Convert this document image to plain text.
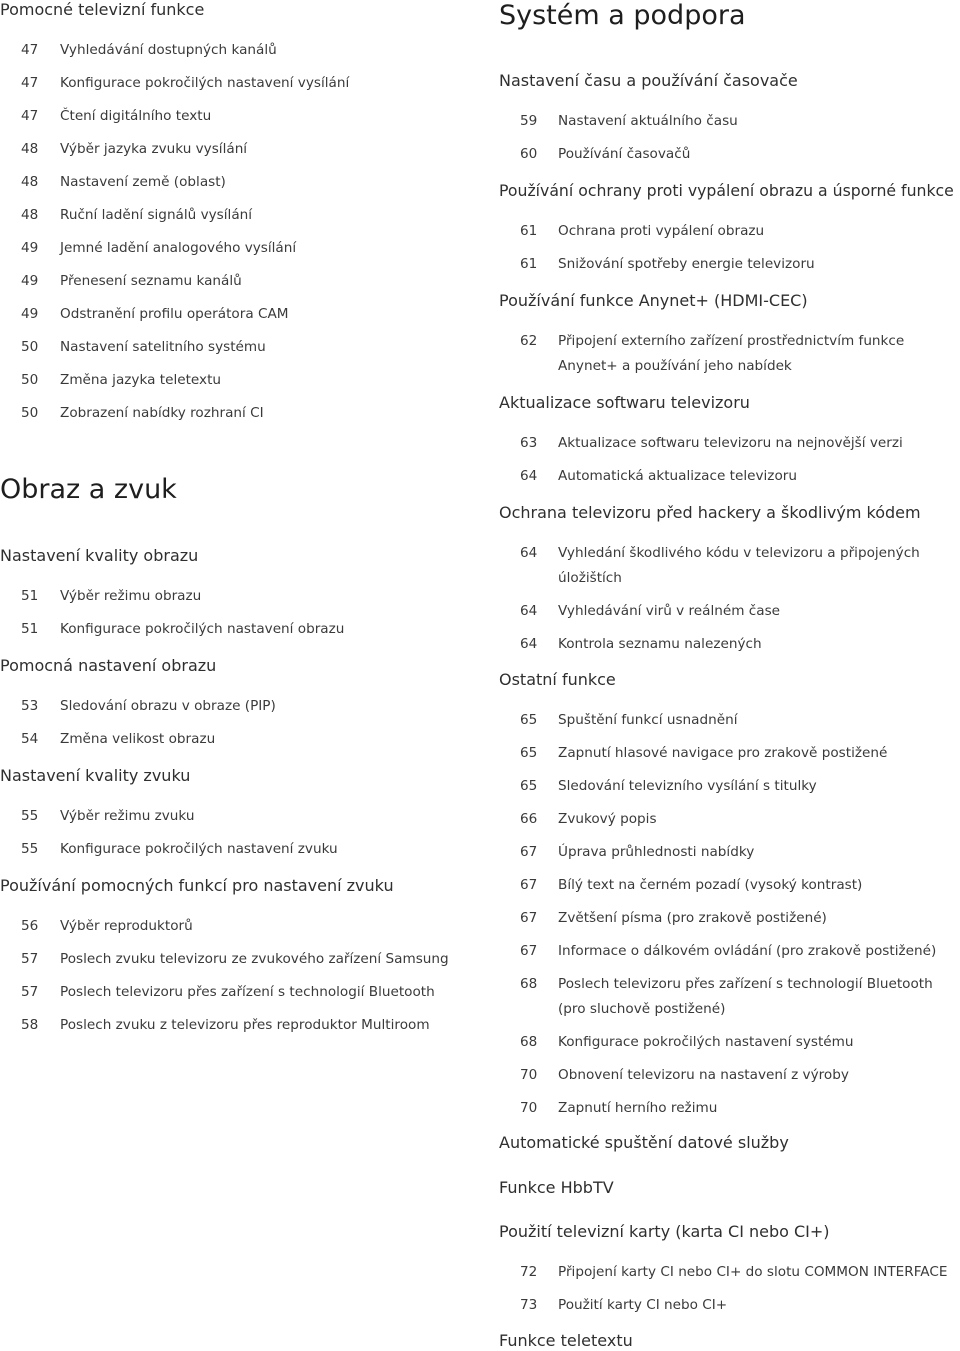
Pomocné televizní funkce
47	Vyhledávání dostupných kanálů
47	Konfigurace pokročilých nastavení vysílání
47	Čtení digitálního textu
48	Výběr jazyka zvuku vysílání
48	Nastavení země (oblast)
48	Ruční ladění signálů vysílání
49	Jemné ladění analogového vysílání
49	Přenesení seznamu kanálů
49	Odstranění profilu operátora CAM
50	Nastavení satelitního systému
50	Změna jazyka teletextu
50	Zobrazení nabídky rozhraní CI
Obraz a zvuk
Nastavení kvality obrazu
51	Výběr režimu obrazu
51	Konfigurace pokročilých nastavení obrazu
Pomocná nastavení obrazu
53	Sledování obrazu v obraze (PIP)
54	Změna velikost obrazu
Nastavení kvality zvuku
55	Výběr režimu zvuku
55	Konfigurace pokročilých nastavení zvuku
Používání pomocných funkcí pro nastavení zvuku
56	Výběr reproduktorů
57	Poslech zvuku televizoru ze zvukového zařízení Samsung
57	Poslech televizoru přes zařízení s technologií Bluetooth
58	Poslech zvuku z televizoru přes reproduktor Multiroom
Systém a podpora
Nastavení času a používání časovače
59	Nastavení aktuálního času
60	Používání časovačů
Používání ochrany proti vypálení obrazu a úsporné funkce
61	Ochrana proti vypálení obrazu
61	Snižování spotřeby energie televizoru
Používání funkce Anynet+ (HDMI-CEC)
62	Připojení externího zařízení prostřednictvím funkce Anynet+ a používání jeho nabídek
Aktualizace softwaru televizoru
63	Aktualizace softwaru televizoru na nejnovější verzi
64	Automatická aktualizace televizoru
Ochrana televizoru před hackery a škodlivým kódem
64	Vyhledání škodlivého kódu v televizoru a připojených úložištích
64	Vyhledávání virů v reálném čase
64	Kontrola seznamu nalezených
Ostatní funkce
65	Spuštění funkcí usnadnění
65	Zapnutí hlasové navigace pro zrakově postižené
65	Sledování televizního vysílání s titulky
66	Zvukový popis
67	Úprava průhlednosti nabídky
67	Bílý text na černém pozadí (vysoký kontrast)
67	Zvětšení písma (pro zrakově postižené)
67	Informace o dálkovém ovládání (pro zrakově postižené)
68	Poslech televizoru přes zařízení s technologií Bluetooth (pro sluchově postižené)
68	Konfigurace pokročilých nastavení systému
70	Obnovení televizoru na nastavení z výroby
70	Zapnutí herního režimu
Automatické spuštění datové služby
Funkce HbbTV
Použití televizní karty (karta CI nebo CI+)
72	Připojení karty CI nebo CI+ do slotu COMMON INTERFACE
73	Použití karty CI nebo CI+
Funkce teletextu
